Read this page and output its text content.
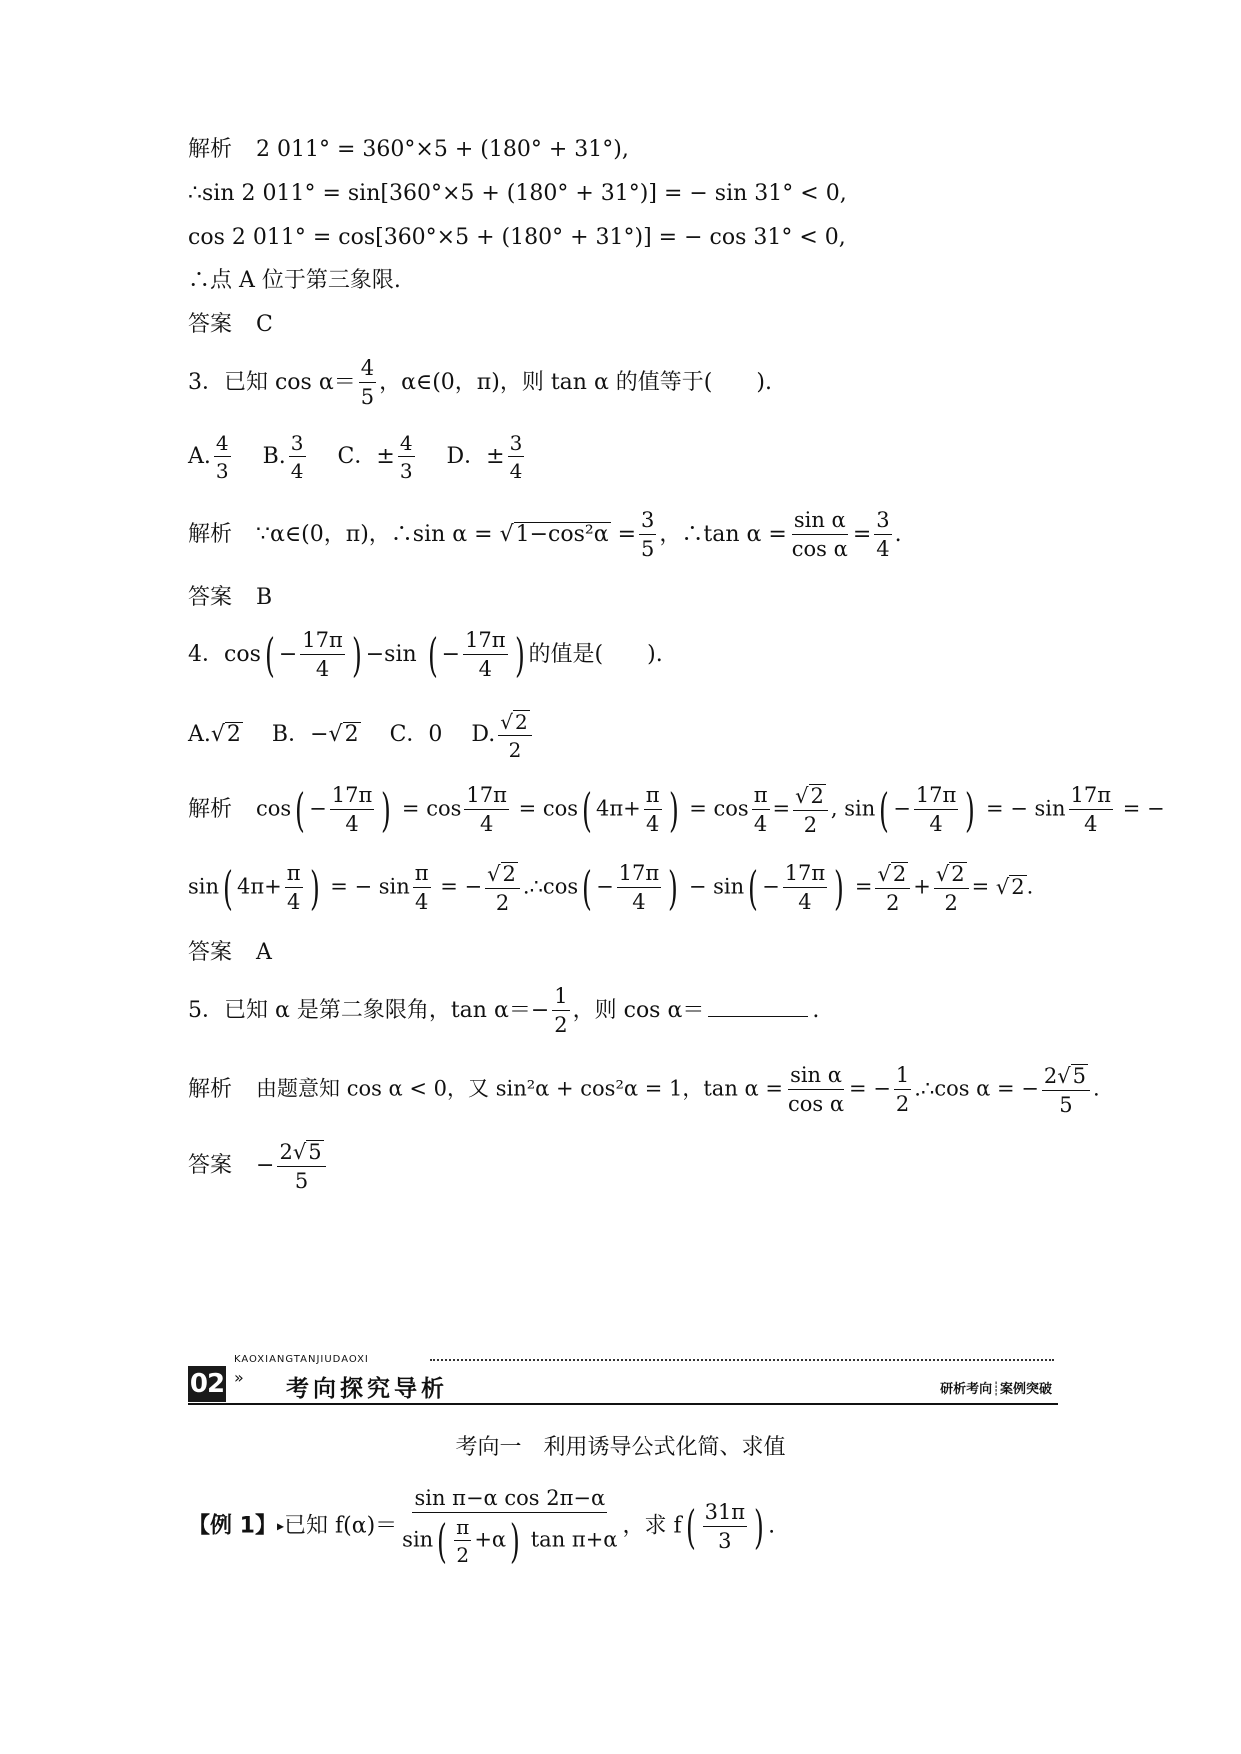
解析 2 011° = 360°×5 + (180° + 31°),
∴sin 2 011° = sin[360°×5 + (180° + 31°)] = − sin 31° < 0,
cos 2 011° = cos[360°×5 + (180° + 31°)] = − cos 31° < 0,
∴点 A 位于第三象限.
答案 C
3．已知 $\cos \alpha= \frac{4}{5}$ ，α∈(0，π)，则 tan α 的值等于(　　).
A. $\frac{4}{3} B$. $\frac{3}{4}$ C．± $\frac{4}{3}$ D．± $\frac{3}{4}$
解析 ∵α∈(0，π)，∴sin $\alpha = √1-\cos^2\alpha = \frac{3}{5}$ ，∴tan $\alpha = \frac{\text{sin α}}{\text{cos α}} = \frac{3}{4}$ .
答案 B
4．$\cos( - \frac{17\pi}{4}$ ) −sin ( − $\frac{17\pi}{4}$ ) 的值是(　　).
A.√2 B．−√2 C．0 D. $\frac{√ 2}{2}$
解析 $\cos( - \frac{17\pi}{4}$ ) = $\cos \frac{17\pi}{4} = \cos$( $4\pi+ \frac{\pi}{4}$ ) = $\cos \frac{\pi}{4} = \frac{√2}{2}$ , $\sin( - \frac{17\pi}{4}$ ) = − $\sin \frac{17\pi}{4}$ = −
sin( $4\pi+ \frac{\pi}{4}$ ) = − $\sin \frac{\pi}{4}$ = − $\frac{√2}{2}$ .∴cos( − $\frac{17\pi}{4}$ ) − $\sin( - \frac{17\pi}{4}$ ) = $\frac{√2}{2} + \frac{√2}{2} = √2$.
答案 A
5．已知 α 是第二象限角，$\tan \alpha=- \frac{1}{2}$ ，则 cos α＝	.
解析 由题意知 cos α < 0，又 sin²α + cos²α = 1，$\tan \alpha = \frac{\text{sin α}}{\text{cos α}}$ = − $\frac{1}{2}$ .∴cos α = − $\frac{2√5}{5}$ .
答案 − $\frac{2√5}{5}$
02
KAOXIANGTANJIUDAOXI
» 考向探究导析	研析考向┊案例突破
考向一　利用诱导公式化简、求值
【例 1】▸已知 $f(\alpha)= \frac{\text{sin π−α cos 2π−α}}{\sin( \frac{\pi}{2} +\alpha) \tan \pi+\alpha}$ ，求 $f( \frac{31\pi}{3}$ ) .
